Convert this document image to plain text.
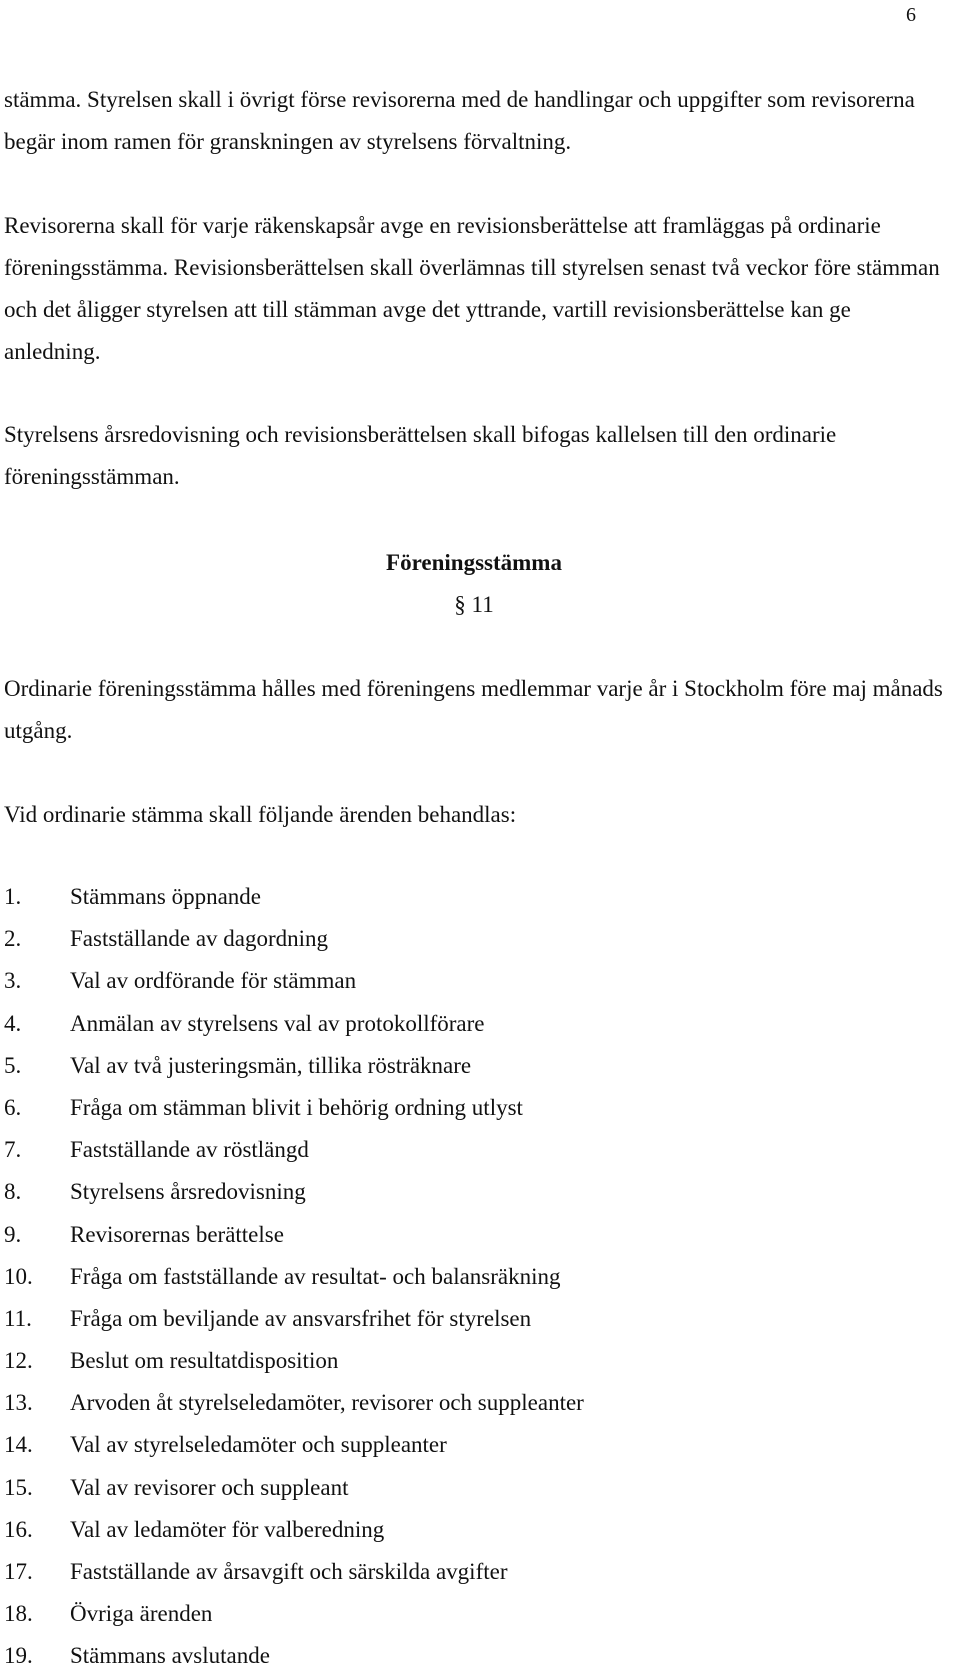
6

stämma. Styrelsen skall i övrigt förse revisorerna med de handlingar och uppgifter som revisorerna begär inom ramen för granskningen av styrelsens förvaltning.

Revisorerna skall för varje räkenskapsår avge en revisionsberättelse att framläggas på ordinarie föreningsstämma. Revisionsberättelsen skall överlämnas till styrelsen senast två veckor före stämman och det åligger styrelsen att till stämman avge det yttrande, vartill revisionsberättelse kan ge anledning.

Styrelsens årsredovisning och revisionsberättelsen skall bifogas kallelsen till den ordinarie föreningsstämman.

Föreningsstämma

§ 11

Ordinarie föreningsstämma hålles med föreningens medlemmar varje år i Stockholm före maj månads utgång.

Vid ordinarie stämma skall följande ärenden behandlas:

1.	Stämmans öppnande
2.	Fastställande av dagordning
3.	Val av ordförande för stämman
4.	Anmälan av styrelsens val av protokollförare
5.	Val av två justeringsmän, tillika rösträknare
6.	Fråga om stämman blivit i behörig ordning utlyst
7.	Fastställande av röstlängd
8.	Styrelsens årsredovisning
9.	Revisorernas berättelse
10.	Fråga om fastställande av resultat- och balansräkning
11.	Fråga om beviljande av ansvarsfrihet för styrelsen
12.	Beslut om resultatdisposition
13.	Arvoden åt styrelseledamöter, revisorer och suppleanter
14.	Val av styrelseledamöter och suppleanter
15.	Val av revisorer och suppleant
16.	Val av ledamöter för valberedning
17.	Fastställande av årsavgift och särskilda avgifter
18.	Övriga ärenden
19.	Stämmans avslutande
